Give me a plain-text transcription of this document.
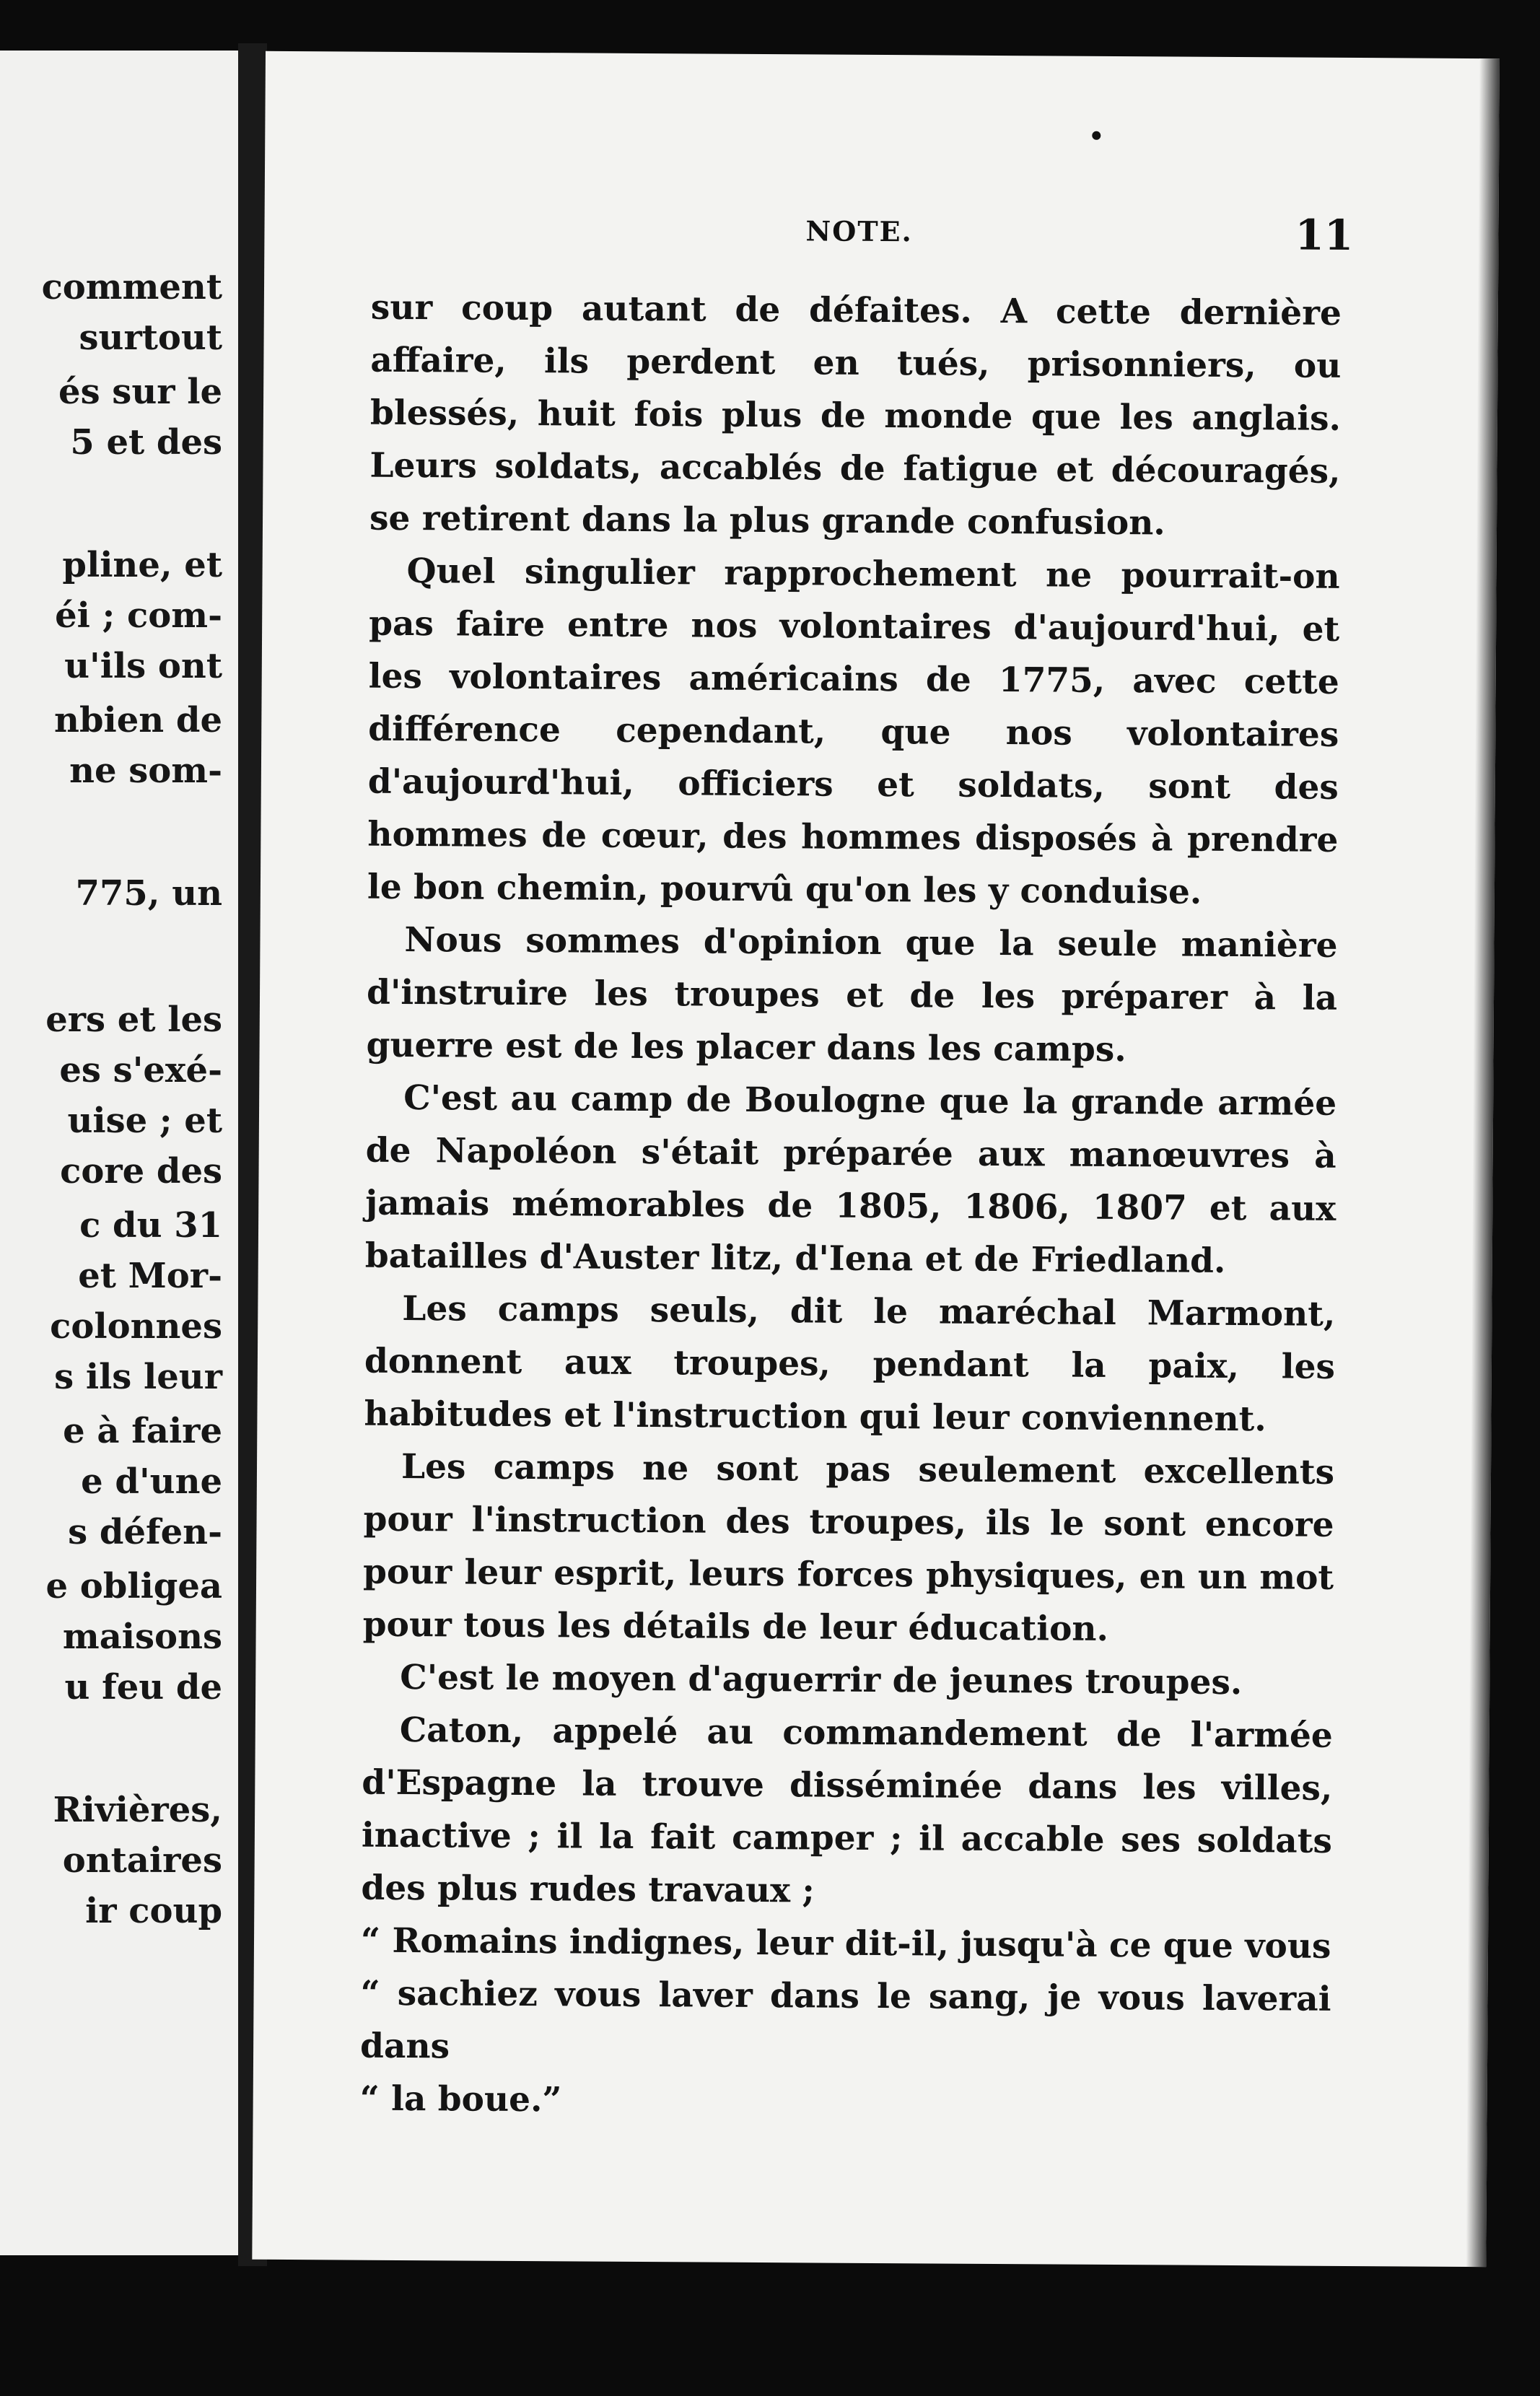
comment
surtout
és sur le
5 et des
pline, et
éi ; com-
u'ils ont
nbien de
ne som-
775, un
ers et les
es s'exé-
uise ; et
core des
c du 31
et Mor-
colonnes
s ils leur
e à faire
e d'une
s défen-
e obligea
maisons
u feu de
Rivières,
ontaires
ir coup
NOTE.	11

sur coup autant de défaites. A cette dernière affaire, ils perdent en tués, prisonniers, ou blessés, huit fois plus de monde que les anglais. Leurs soldats, accablés de fatigue et découragés, se retirent dans la plus grande confusion.

Quel singulier rapprochement ne pourrait-on pas faire entre nos volontaires d'aujourd'hui, et les volontaires américains de 1775, avec cette différence cependant, que nos volontaires d'aujourd'hui, officiers et soldats, sont des hommes de cœur, des hommes disposés à prendre le bon chemin, pourvû qu'on les y conduise.

Nous sommes d'opinion que la seule manière d'instruire les troupes et de les préparer à la guerre est de les placer dans les camps.

C'est au camp de Boulogne que la grande armée de Napoléon s'était préparée aux manœuvres à jamais mémorables de 1805, 1806, 1807 et aux batailles d'Auster litz, d'Iena et de Friedland.

Les camps seuls, dit le maréchal Marmont, donnent aux troupes, pendant la paix, les habitudes et l'instruction qui leur conviennent.

Les camps ne sont pas seulement excellents pour l'instruction des troupes, ils le sont encore pour leur esprit, leurs forces physiques, en un mot pour tous les détails de leur éducation.

C'est le moyen d'aguerrir de jeunes troupes.

Caton, appelé au commandement de l'armée d'Espagne la trouve disséminée dans les villes, inactive ; il la fait camper ; il accable ses soldats des plus rudes travaux ;

“ Romains indignes, leur dit-il, jusqu'à ce que vous

“ sachiez vous laver dans le sang, je vous laverai dans

“ la boue.”
